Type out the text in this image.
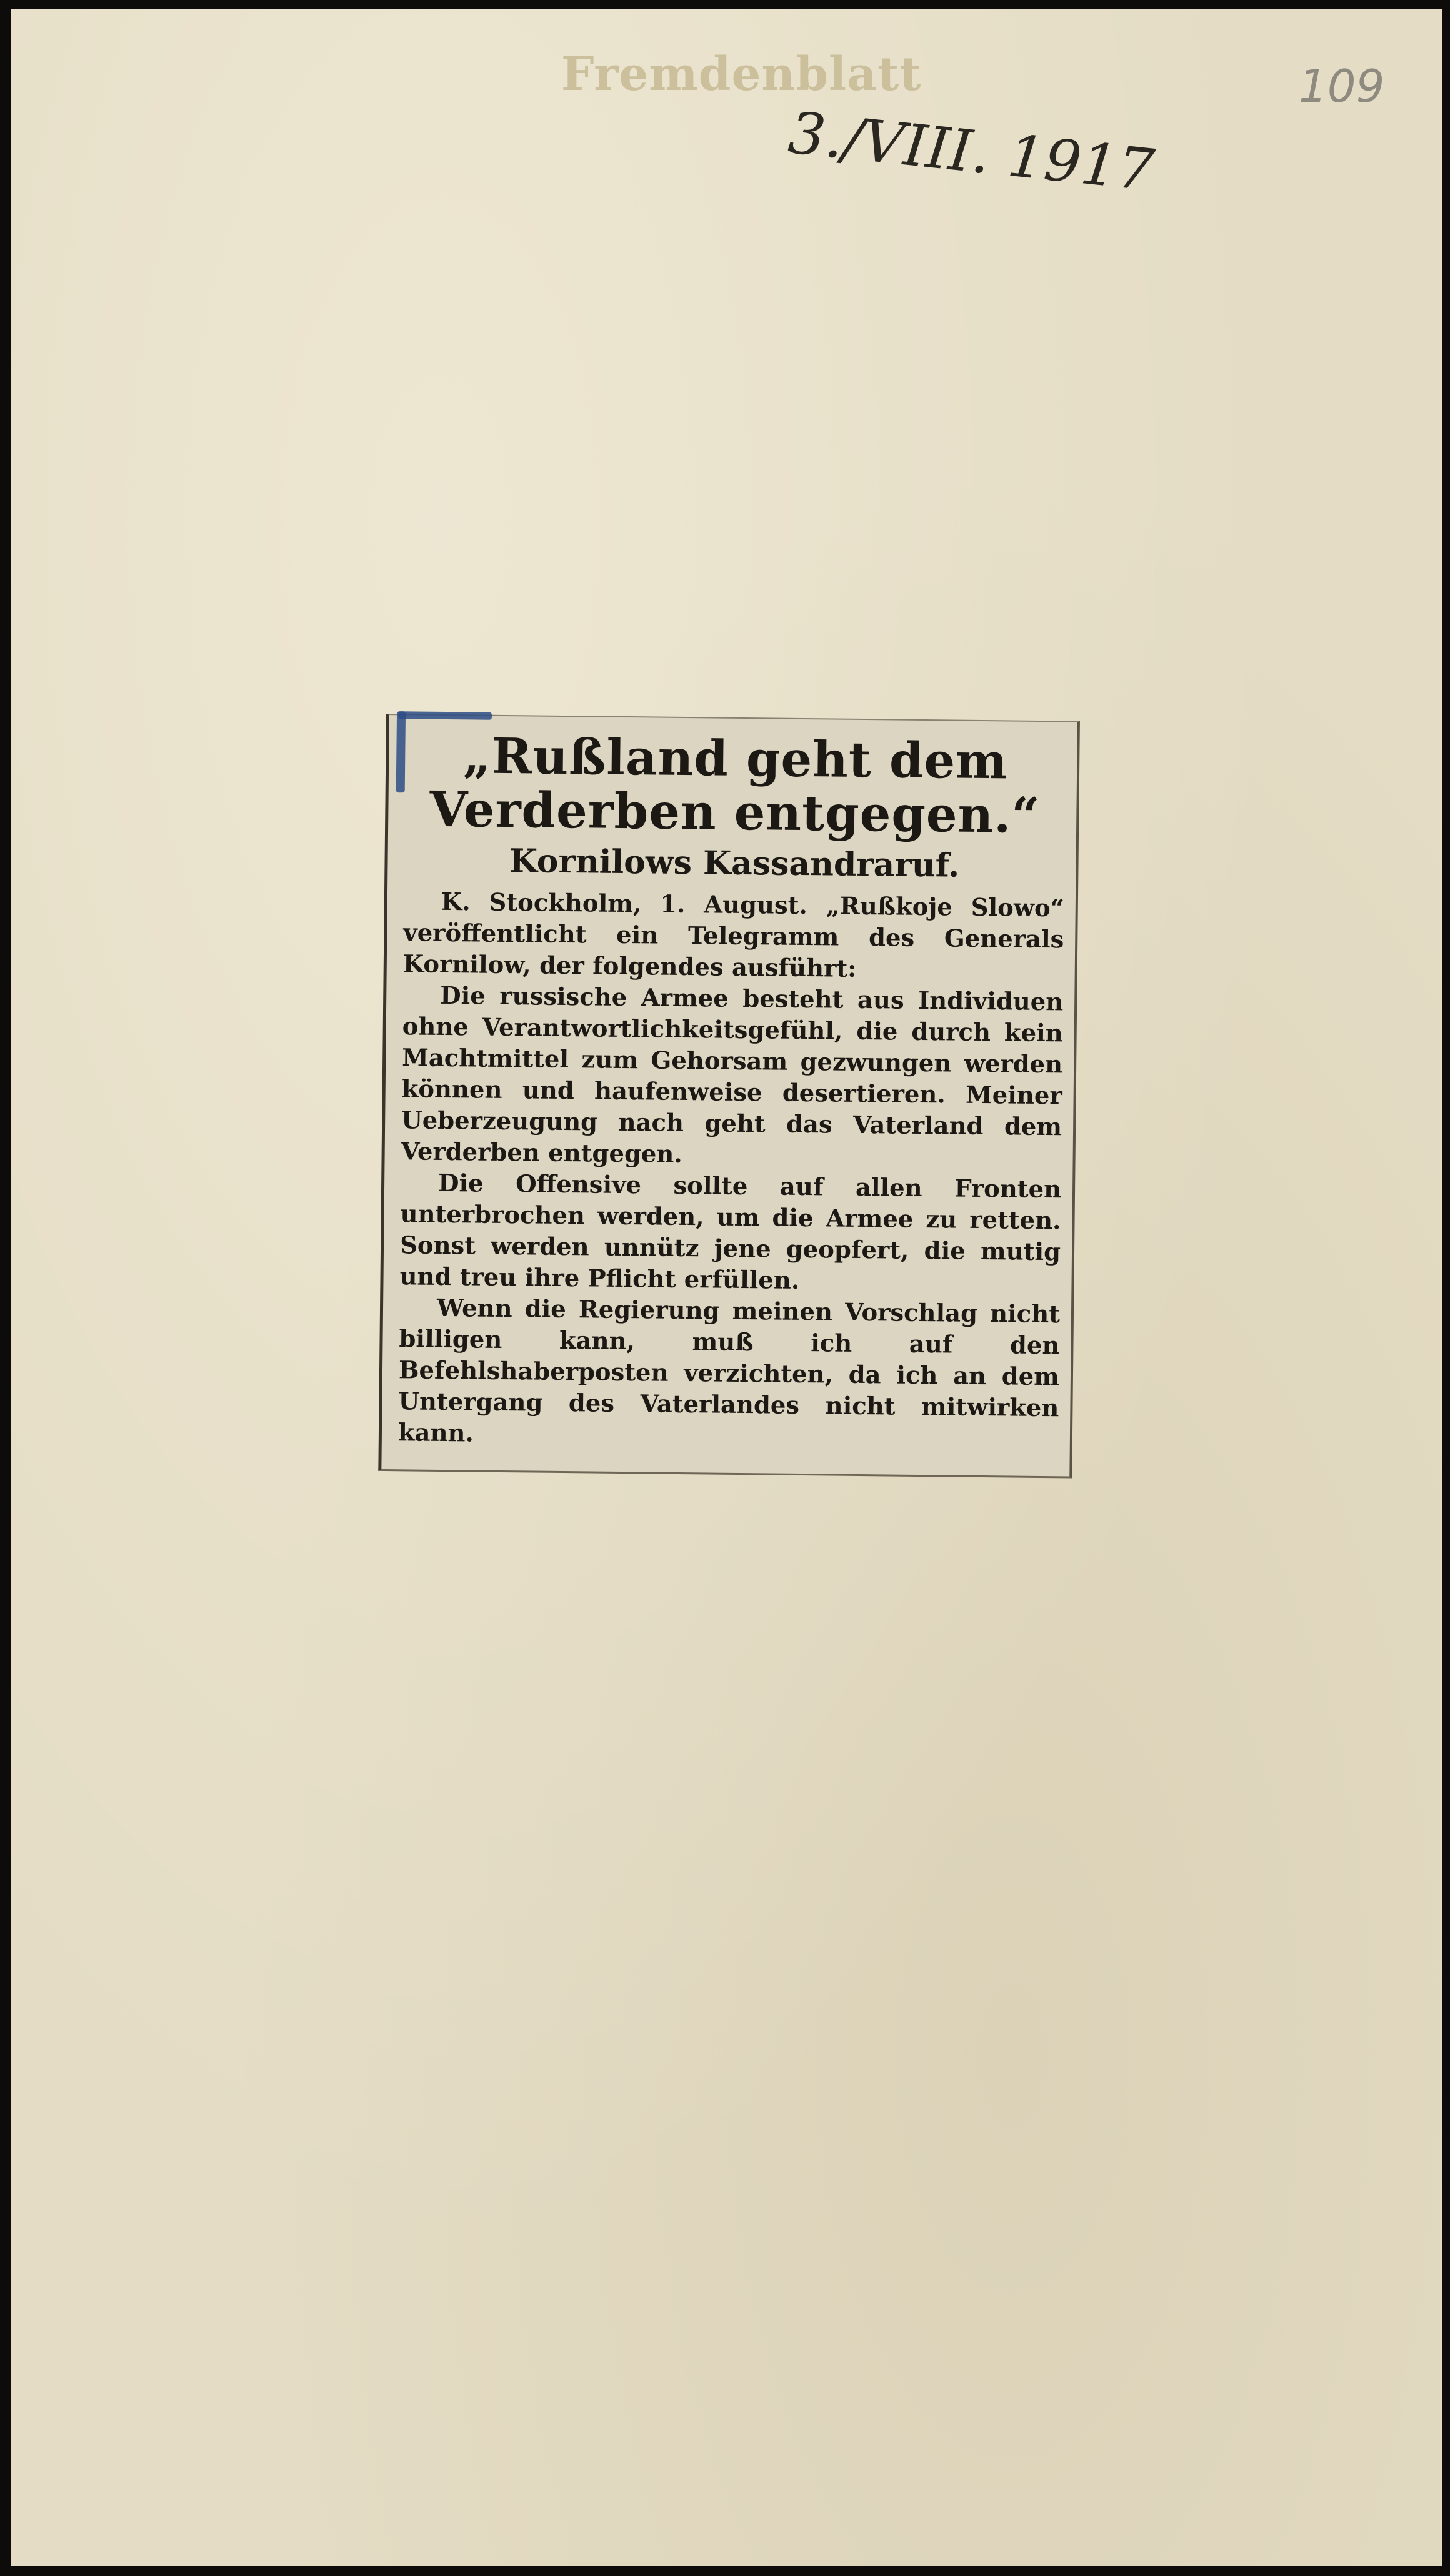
Fremdenblatt
3./VIII. 1917
109
„Rußland geht dem Verderben entgegen.“
Kornilows Kassandraruf.

K. Stockholm, 1. August. „Rußkoje Slowo“ veröffentlicht ein Telegramm des Generals Kornilow, der folgendes ausführt:

Die russische Armee besteht aus Individuen ohne Verantwortlichkeitsgefühl, die durch kein Machtmittel zum Gehorsam gezwungen werden können und haufenweise desertieren. Meiner Ueberzeugung nach geht das Vaterland dem Verderben entgegen.

Die Offensive sollte auf allen Fronten unterbrochen werden, um die Armee zu retten. Sonst werden unnütz jene geopfert, die mutig und treu ihre Pflicht erfüllen.

Wenn die Regierung meinen Vorschlag nicht billigen kann, muß ich auf den Befehlshaberposten verzichten, da ich an dem Untergang des Vaterlandes nicht mitwirken kann.
